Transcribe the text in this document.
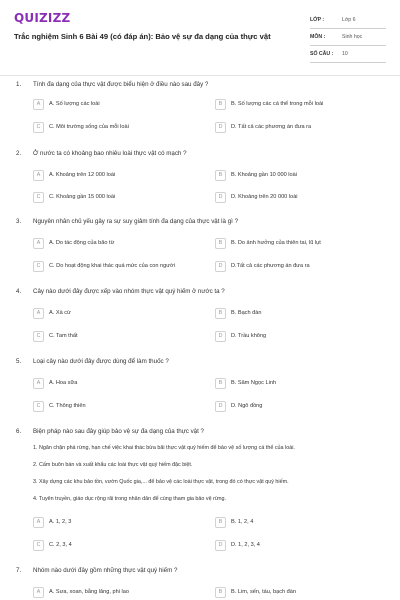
QUIZIZZ
Trắc nghiệm Sinh 6 Bài 49 (có đáp án): Bảo vệ sự đa dạng của thực vật
LỚP :	Lớp 6
MÔN :	Sinh học
SỐ CÂU :	10
1. Tính đa dạng của thực vật được biểu hiện ở điều nào sau đây ?
A	A. Số lượng các loài	B	B. Số lượng các cá thể trong mỗi loài
C	C. Môi trường sống của mỗi loài	D	D. Tất cả các phương án đưa ra
2. Ở nước ta có khoảng bao nhiêu loài thực vật có mạch ?
A	A. Khoảng trên 12 000 loài	B	B. Khoảng gần 10 000 loài
C	C. Khoảng gần 15 000 loài	D	D. Khoảng trên 20 000 loài
3. Nguyên nhân chủ yếu gây ra sự suy giảm tính đa dạng của thực vật là gì ?
A	A. Do tác động của bão từ	B	B. Do ảnh hưởng của thiên tai, lũ lụt
C	C. Do hoạt động khai thác quá mức của con người	D	D.Tất cả các phương án đưa ra
4. Cây nào dưới đây được xếp vào nhóm thực vật quý hiếm ở nước ta ?
A	A. Xà cừ	B	B. Bạch đàn
C	C. Tam thất	D	D. Trầu không
5. Loại cây nào dưới đây được dùng để làm thuốc ?
A	A. Hoa sữa	B	B. Sâm Ngọc Linh
C	C. Thông thiên	D	D. Ngô đồng
6. Biện pháp nào sau đây giúp bảo vệ sự đa dạng của thực vật ?
1. Ngăn chặn phá rừng, hạn chế việc khai thác bừa bãi thực vật quý hiếm để bảo vệ số lượng cá thể của loài.
2. Cấm buôn bán và xuất khẩu các loài thực vật quý hiếm đặc biệt.
3. Xây dựng các khu bảo tồn, vườn Quốc gia,... để bảo vệ các loài thực vật, trong đó có thực vật quý hiếm.
4. Tuyên truyền, giáo dục rộng rãi trong nhân dân để cùng tham gia bảo vệ rừng.
A	A. 1, 2, 3	B	B. 1, 2, 4
C	C. 2, 3, 4	D	D. 1, 2, 3, 4
7. Nhóm nào dưới đây gồm những thực vật quý hiếm ?
A	A. Sưa, xoan, bằng lăng, phi lao	B	B. Lim, sến, táu, bạch đàn
